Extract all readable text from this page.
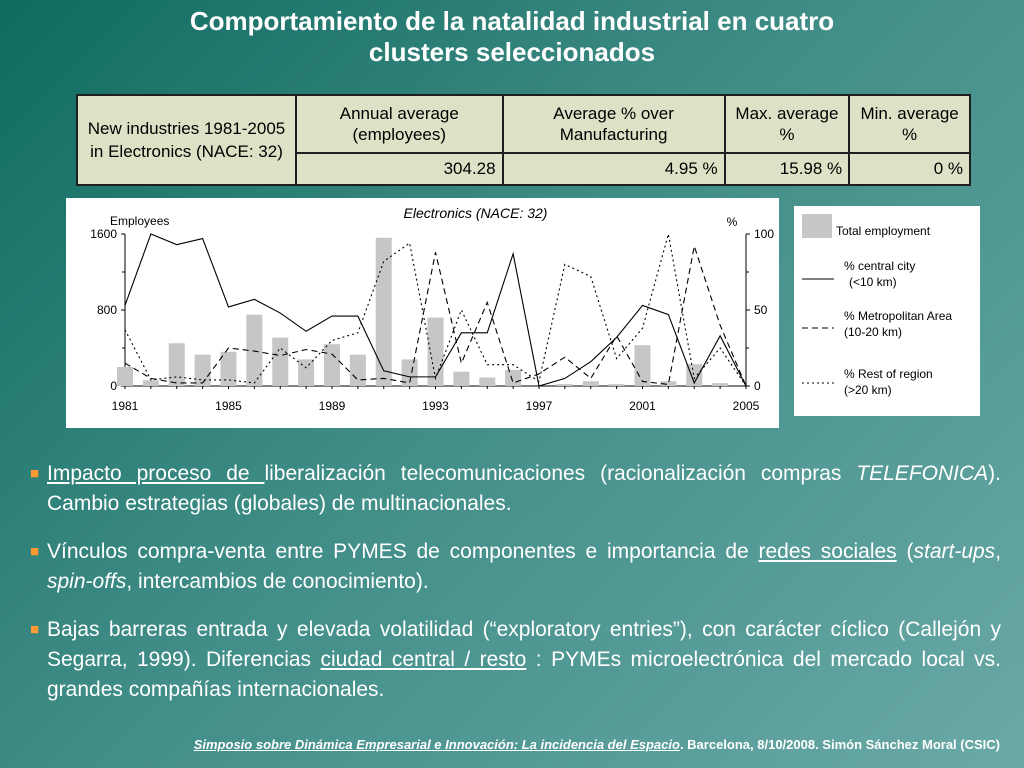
Comportamiento de la natalidad industrial en cuatro
clusters seleccionados
New industries 1981-2005 in Electronics (NACE: 32)	Annual average (employees)	Average % over Manufacturing	Max. average %	Min. average %
	304.28	4.95 %	15.98 %	0 %
Electronics (NACE: 32)
Employees	%
0
800
1600
0
50
100
1981	1985	1989	1993	1997	2001	2005
Total employment
% central city
(<10 km)
% Metropolitan Area
(10-20 km)
% Rest of region
(>20 km)
■ Impacto proceso de liberalización telecomunicaciones (racionalización compras TELEFONICA). Cambio estrategias (globales) de multinacionales.
■ Vínculos compra-venta entre PYMES de componentes e importancia de redes sociales (start-ups, spin-offs, intercambios de conocimiento).
■ Bajas barreras entrada y elevada volatilidad (“exploratory entries”), con carácter cíclico (Callejón y Segarra, 1999). Diferencias ciudad central / resto : PYMEs microelectrónica del mercado local vs. grandes compañías internacionales.
Simposio sobre Dinámica Empresarial e Innovación: La incidencia del Espacio. Barcelona, 8/10/2008. Simón Sánchez Moral (CSIC)
